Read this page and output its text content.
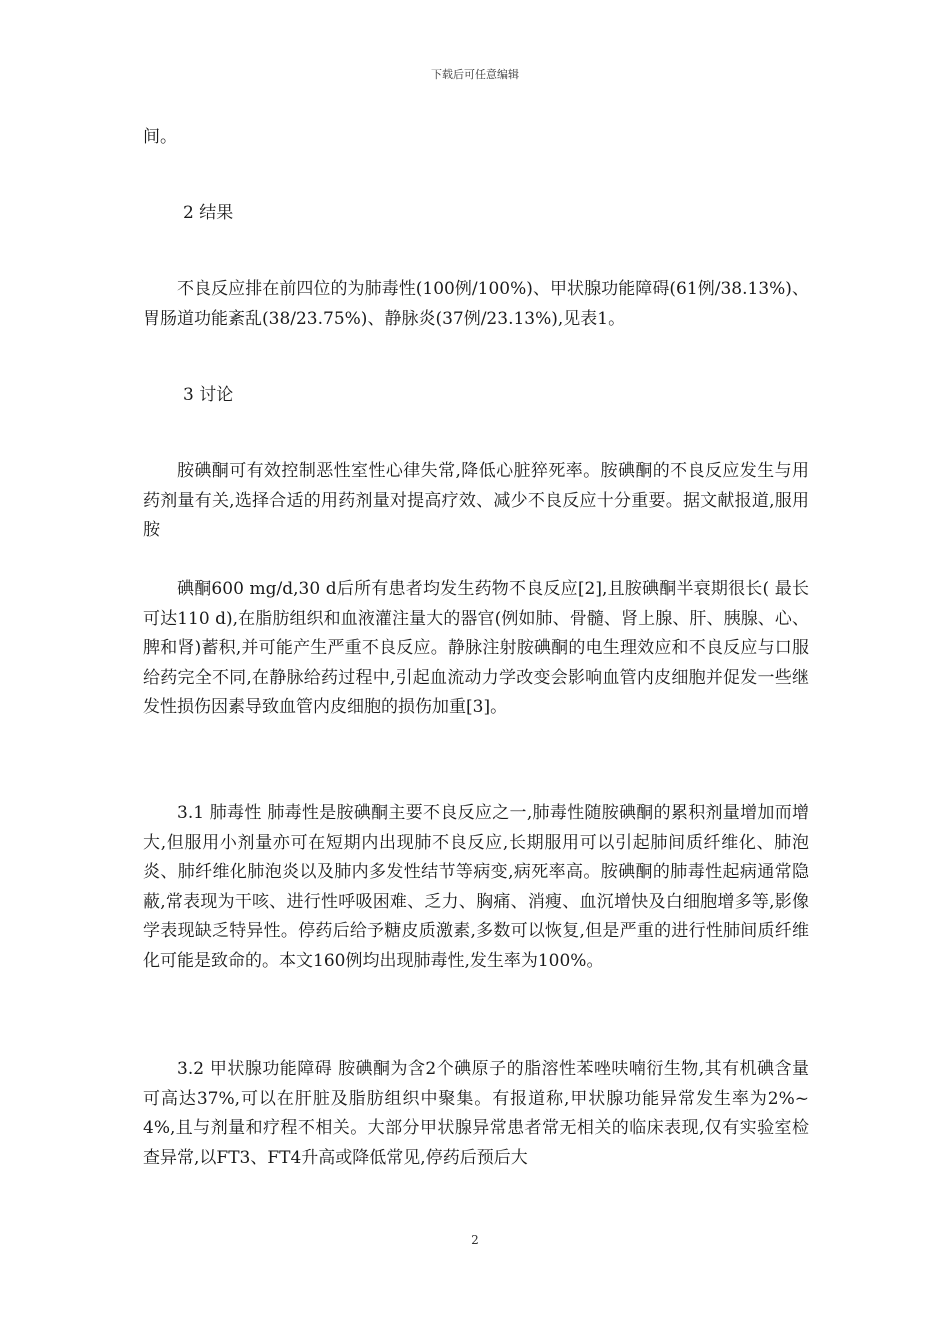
下载后可任意编辑
间。
2 结果
不良反应排在前四位的为肺毒性(100例/100%)、甲状腺功能障碍(61例/38.13%)、胃肠道功能紊乱(38/23.75%)、静脉炎(37例/23.13%),见表1。
3 讨论
胺碘酮可有效控制恶性室性心律失常,降低心脏猝死率。胺碘酮的不良反应发生与用药剂量有关,选择合适的用药剂量对提高疗效、减少不良反应十分重要。据文献报道,服用胺
碘酮600 mg/d,30 d后所有患者均发生药物不良反应[2],且胺碘酮半衰期很长( 最长可达110 d),在脂肪组织和血液灌注量大的器官(例如肺、骨髓、肾上腺、肝、胰腺、心、脾和肾)蓄积,并可能产生严重不良反应。静脉注射胺碘酮的电生理效应和不良反应与口服给药完全不同,在静脉给药过程中,引起血流动力学改变会影响血管内皮细胞并促发一些继发性损伤因素导致血管内皮细胞的损伤加重[3]。
3.1 肺毒性 肺毒性是胺碘酮主要不良反应之一,肺毒性随胺碘酮的累积剂量增加而增大,但服用小剂量亦可在短期内出现肺不良反应,长期服用可以引起肺间质纤维化、肺泡炎、肺纤维化肺泡炎以及肺内多发性结节等病变,病死率高。胺碘酮的肺毒性起病通常隐蔽,常表现为干咳、进行性呼吸困难、乏力、胸痛、消瘦、血沉增快及白细胞增多等,影像学表现缺乏特异性。停药后给予糖皮质激素,多数可以恢复,但是严重的进行性肺间质纤维化可能是致命的。本文160例均出现肺毒性,发生率为100%。
3.2 甲状腺功能障碍 胺碘酮为含2个碘原子的脂溶性苯唑呋喃衍生物,其有机碘含量可高达37%,可以在肝脏及脂肪组织中聚集。有报道称,甲状腺功能异常发生率为2%~4%,且与剂量和疗程不相关。大部分甲状腺异常患者常无相关的临床表现,仅有实验室检查异常,以FT3、FT4升高或降低常见,停药后预后大
2
